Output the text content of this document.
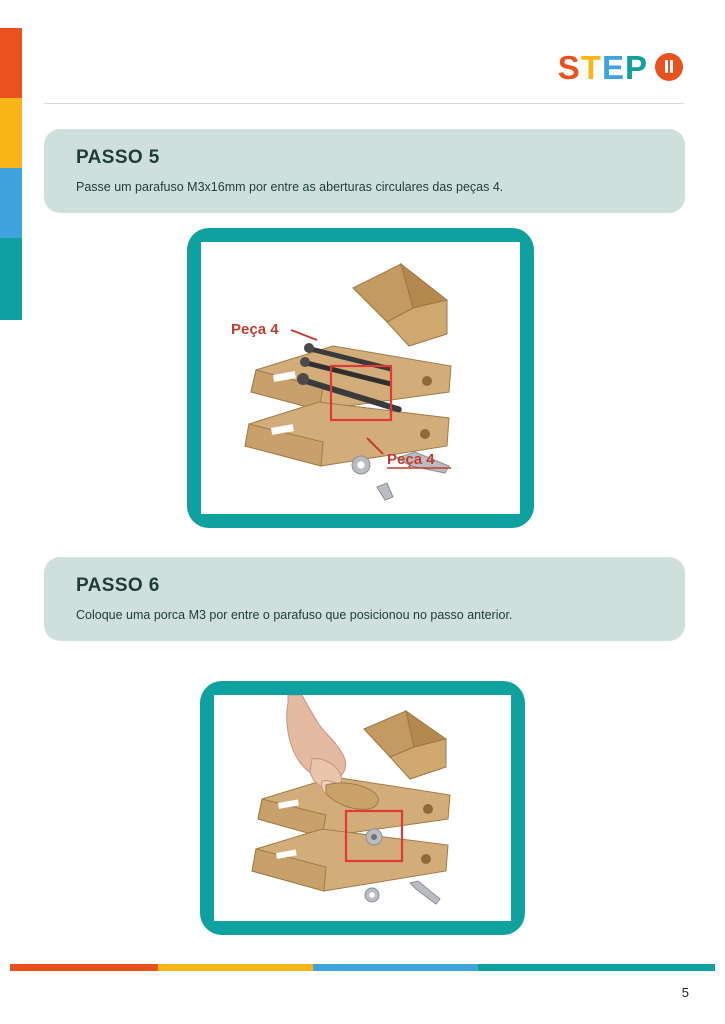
STEP

PASSO 5

Passe um parafuso M3x16mm por entre as aberturas circulares das peças 4.

Peça 4
Peça 4

PASSO 6

Coloque uma porca M3 por entre o parafuso que posicionou no passo anterior.

5
